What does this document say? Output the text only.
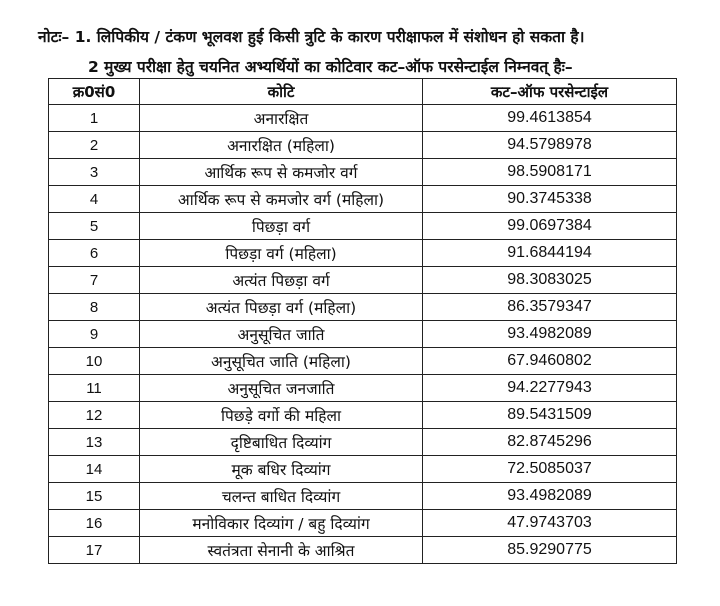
नोटः– 1. लिपिकीय / टंकण भूलवश हुई किसी त्रुटि के कारण परीक्षाफल में संशोधन हो सकता है।
2 मुख्य परीक्षा हेतु चयनित अभ्यर्थियों का कोटिवार कट–ऑफ परसेन्टाईल निम्नवत् हैः–
क्र0सं0	कोटि	कट–ऑफ परसेन्टाईल
1	अनारक्षित	99.4613854
2	अनारक्षित (महिला)	94.5798978
3	आर्थिक रूप से कमजोर वर्ग	98.5908171
4	आर्थिक रूप से कमजोर वर्ग (महिला)	90.3745338
5	पिछड़ा वर्ग	99.0697384
6	पिछड़ा वर्ग (महिला)	91.6844194
7	अत्यंत पिछड़ा वर्ग	98.3083025
8	अत्यंत पिछड़ा वर्ग (महिला)	86.3579347
9	अनुसूचित जाति	93.4982089
10	अनुसूचित जाति (महिला)	67.9460802
11	अनुसूचित जनजाति	94.2277943
12	पिछड़े वर्गो की महिला	89.5431509
13	दृष्टिबाधित दिव्यांग	82.8745296
14	मूक बधिर दिव्यांग	72.5085037
15	चलन्त बाधित दिव्यांग	93.4982089
16	मनोविकार दिव्यांग / बहु दिव्यांग	47.9743703
17	स्वतंत्रता सेनानी के आश्रित	85.9290775
